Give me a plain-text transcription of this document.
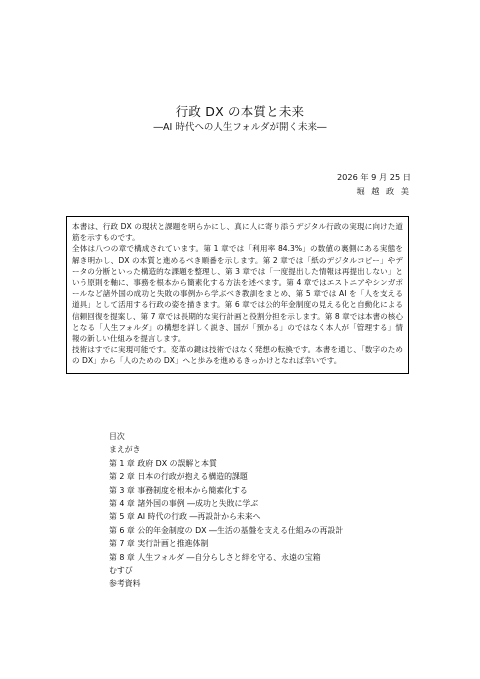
行政 DX の本質と未来
―AI 時代への人生フォルダが開く未来―
2026 年 9 月 25 日
堀 越 政 美

本書は、行政 DX の現状と課題を明らかにし、真に人に寄り添うデジタル行政の実現に向けた道筋を示すものです。

全体は八つの章で構成されています。第 1 章では「利用率 84.3%」の数値の裏側にある実態を解き明かし、DX の本質と進めるべき順番を示します。第 2 章では「紙のデジタルコピー」やデータの分断といった構造的な課題を整理し、第 3 章では「一度提出した情報は再提出しない」という原則を軸に、事務を根本から簡素化する方法を述べます。第 4 章ではエストニアやシンガポールなど諸外国の成功と失敗の事例から学ぶべき教訓をまとめ、第 5 章では AI を「人を支える道具」として活用する行政の姿を描きます。第 6 章では公的年金制度の見える化と自動化による信頼回復を提案し、第 7 章では長期的な実行計画と役割分担を示します。第 8 章では本書の核心となる「人生フォルダ」の構想を詳しく説き、国が「預かる」のではなく本人が「管理する」情報の新しい仕組みを提言します。

技術はすでに実現可能です。変革の鍵は技術ではなく発想の転換です。本書を通じ、「数字のための DX」から「人のための DX」へと歩みを進めるきっかけとなれば幸いです。

目次
まえがき
第 1 章 政府 DX の誤解と本質
第 2 章 日本の行政が抱える構造的課題
第 3 章 事務制度を根本から簡素化する
第 4 章 諸外国の事例 ―成功と失敗に学ぶ
第 5 章 AI 時代の行政 ―再設計から未来へ
第 6 章 公的年金制度の DX ―生活の基盤を支える仕組みの再設計
第 7 章 実行計画と推進体制
第 8 章 人生フォルダ ―自分らしさと絆を守る、永遠の宝箱
むすび
参考資料
